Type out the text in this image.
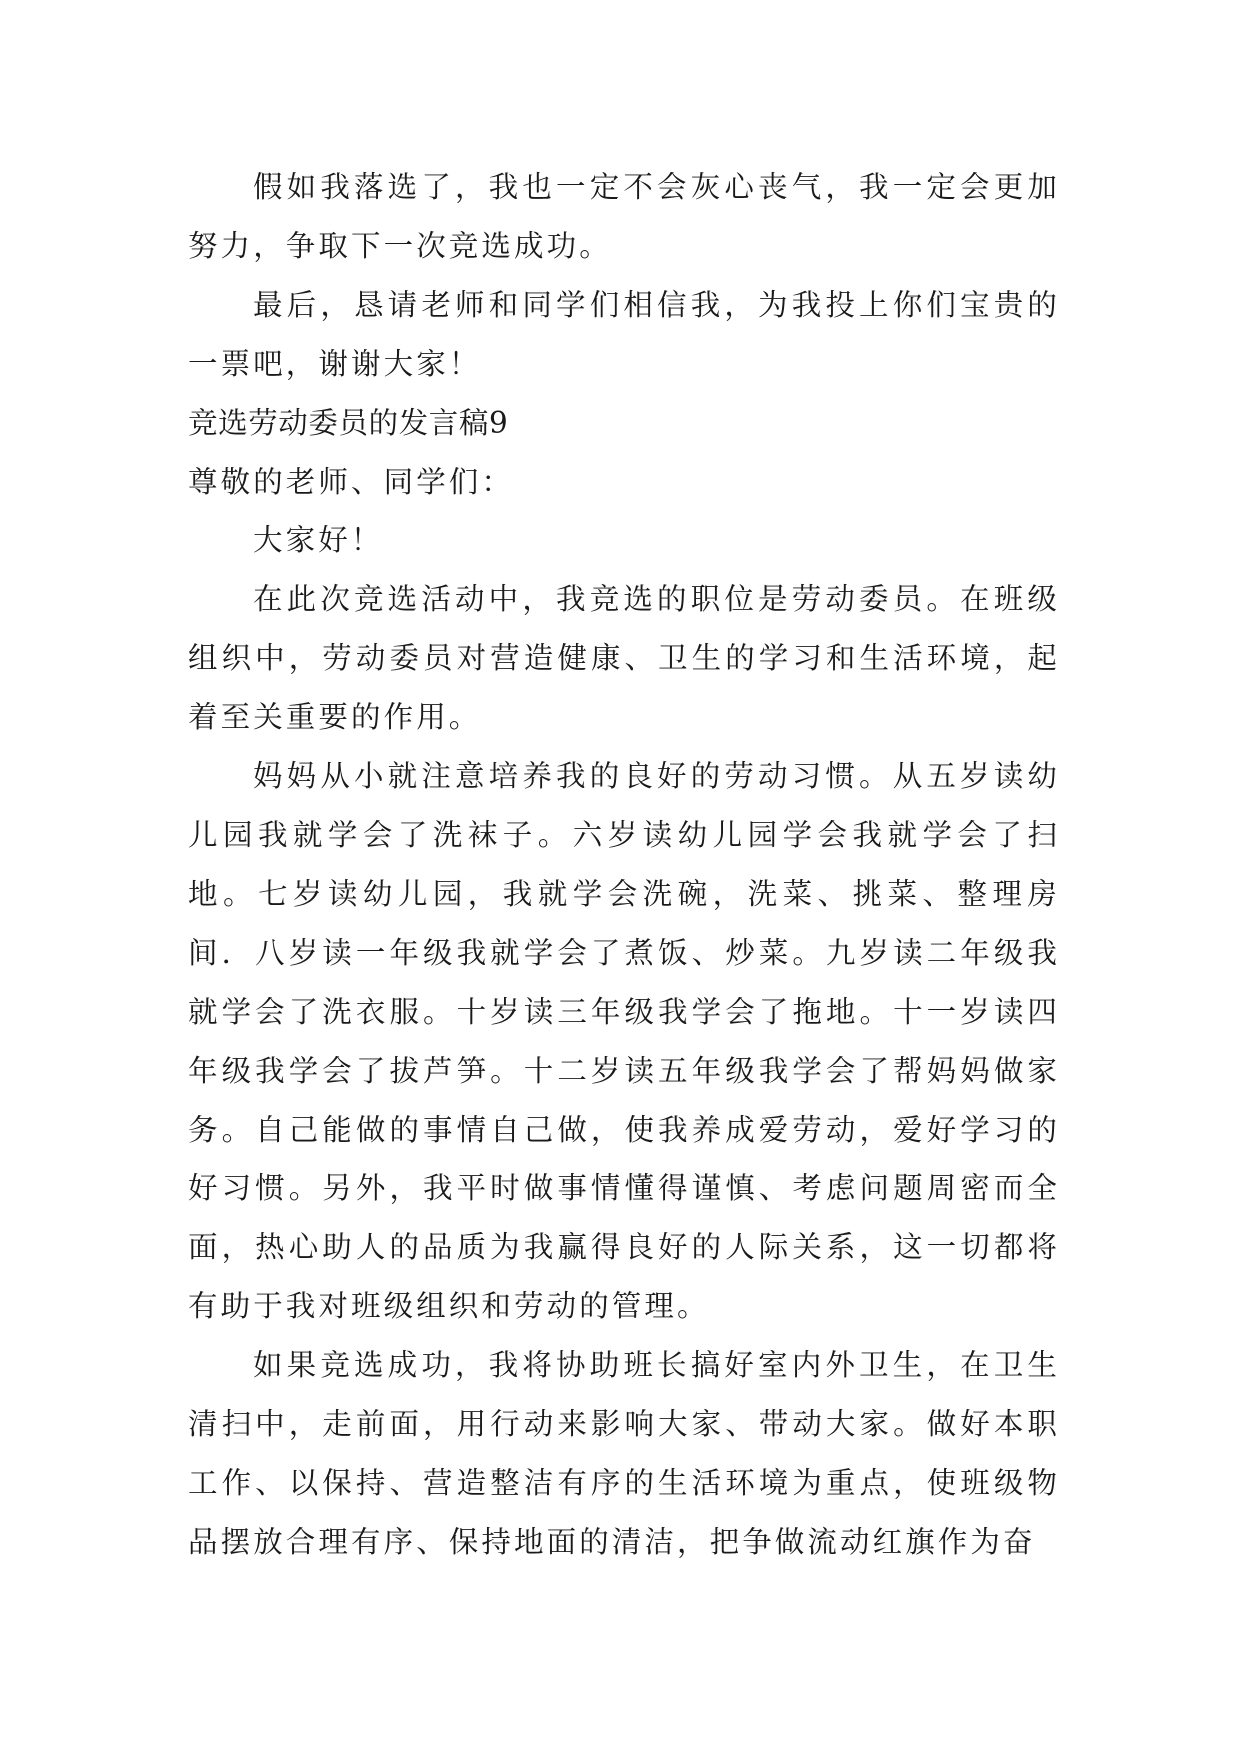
假如我落选了，我也一定不会灰心丧气，我一定会更加努力，争取下一次竞选成功。

最后，恳请老师和同学们相信我，为我投上你们宝贵的一票吧，谢谢大家！

竞选劳动委员的发言稿9

尊敬的老师、同学们：

大家好！

在此次竞选活动中，我竞选的职位是劳动委员。在班级组织中，劳动委员对营造健康、卫生的学习和生活环境，起着至关重要的作用。

妈妈从小就注意培养我的良好的劳动习惯。从五岁读幼儿园我就学会了洗袜子。六岁读幼儿园学会我就学会了扫地。七岁读幼儿园，我就学会洗碗，洗菜、挑菜、整理房间．八岁读一年级我就学会了煮饭、炒菜。九岁读二年级我就学会了洗衣服。十岁读三年级我学会了拖地。十一岁读四年级我学会了拔芦笋。十二岁读五年级我学会了帮妈妈做家务。自己能做的事情自己做，使我养成爱劳动，爱好学习的好习惯。另外，我平时做事情懂得谨慎、考虑问题周密而全面，热心助人的品质为我赢得良好的人际关系，这一切都将有助于我对班级组织和劳动的管理。

如果竞选成功，我将协助班长搞好室内外卫生，在卫生清扫中，走前面，用行动来影响大家、带动大家。做好本职工作、以保持、营造整洁有序的生活环境为重点，使班级物品摆放合理有序、保持地面的清洁，把争做流动红旗作为奋
